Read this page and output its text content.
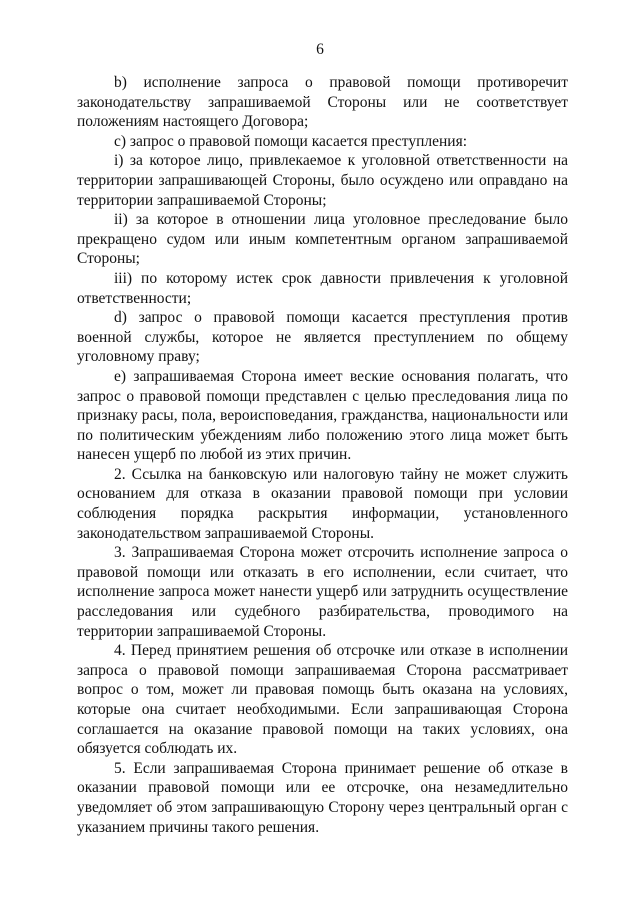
6

b) исполнение запроса о правовой помощи противоречит законодательству запрашиваемой Стороны или не соответствует положениям настоящего Договора;

c) запрос о правовой помощи касается преступления:

i) за которое лицо, привлекаемое к уголовной ответственности на территории запрашивающей Стороны, было осуждено или оправдано на территории запрашиваемой Стороны;

ii) за которое в отношении лица уголовное преследование было прекращено судом или иным компетентным органом запрашиваемой Стороны;

iii) по которому истек срок давности привлечения к уголовной ответственности;

d) запрос о правовой помощи касается преступления против военной службы, которое не является преступлением по общему уголовному праву;

e) запрашиваемая Сторона имеет веские основания полагать, что запрос о правовой помощи представлен с целью преследования лица по признаку расы, пола, вероисповедания, гражданства, национальности или по политическим убеждениям либо положению этого лица может быть нанесен ущерб по любой из этих причин.

2. Ссылка на банковскую или налоговую тайну не может служить основанием для отказа в оказании правовой помощи при условии соблюдения порядка раскрытия информации, установленного законодательством запрашиваемой Стороны.

3. Запрашиваемая Сторона может отсрочить исполнение запроса о правовой помощи или отказать в его исполнении, если считает, что исполнение запроса может нанести ущерб или затруднить осуществление расследования или судебного разбирательства, проводимого на территории запрашиваемой Стороны.

4. Перед принятием решения об отсрочке или отказе в исполнении запроса о правовой помощи запрашиваемая Сторона рассматривает вопрос о том, может ли правовая помощь быть оказана на условиях, которые она считает необходимыми. Если запрашивающая Сторона соглашается на оказание правовой помощи на таких условиях, она обязуется соблюдать их.

5. Если запрашиваемая Сторона принимает решение об отказе в оказании правовой помощи или ее отсрочке, она незамедлительно уведомляет об этом запрашивающую Сторону через центральный орган с указанием причины такого решения.
